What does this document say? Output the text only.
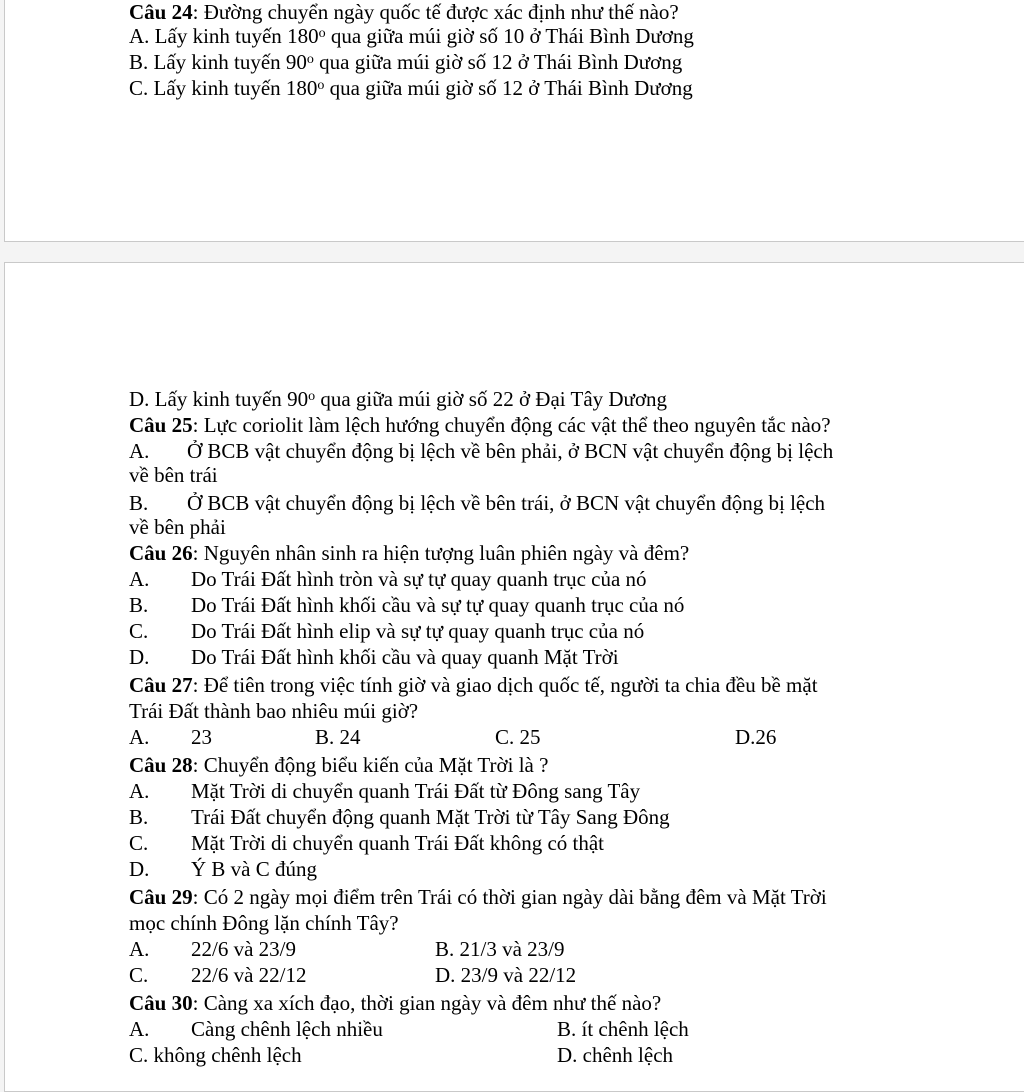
Câu 24: Đường chuyển ngày quốc tế được xác định như thế nào?
A. Lấy kinh tuyến 180$^o$ qua giữa múi giờ số 10 ở Thái Bình Dương
B. Lấy kinh tuyến 90$^o$ qua giữa múi giờ số 12 ở Thái Bình Dương
C. Lấy kinh tuyến 180$^o$ qua giữa múi giờ số 12 ở Thái Bình Dương
D. Lấy kinh tuyến 90$^o$ qua giữa múi giờ số 22 ở Đại Tây Dương
Câu 25: Lực coriolit làm lệch hướng chuyển động các vật thể theo nguyên tắc nào?
A. Ở BCB vật chuyển động bị lệch về bên phải, ở BCN vật chuyển động bị lệch
về bên trái
B. Ở BCB vật chuyển động bị lệch về bên trái, ở BCN vật chuyển động bị lệch
về bên phải
Câu 26: Nguyên nhân sinh ra hiện tượng luân phiên ngày và đêm?
A. Do Trái Đất hình tròn và sự tự quay quanh trục của nó
B. Do Trái Đất hình khối cầu và sự tự quay quanh trục của nó
C. Do Trái Đất hình elip và sự tự quay quanh trục của nó
D. Do Trái Đất hình khối cầu và quay quanh Mặt Trời
Câu 27: Để tiên trong việc tính giờ và giao dịch quốc tế, người ta chia đều bề mặt
Trái Đất thành bao nhiêu múi giờ?
A. 23	B. 24	C. 25	D.26
Câu 28: Chuyển động biểu kiến của Mặt Trời là ?
A. Mặt Trời di chuyển quanh Trái Đất từ Đông sang Tây
B. Trái Đất chuyển động quanh Mặt Trời từ Tây Sang Đông
C. Mặt Trời di chuyển quanh Trái Đất không có thật
D. Ý B và C đúng
Câu 29: Có 2 ngày mọi điểm trên Trái có thời gian ngày dài bằng đêm và Mặt Trời
mọc chính Đông lặn chính Tây?
A. 22/6 và 23/9	B. 21/3 và 23/9
C. 22/6 và 22/12	D. 23/9 và 22/12
Câu 30: Càng xa xích đạo, thời gian ngày và đêm như thế nào?
A. Càng chênh lệch nhiều	B. ít chênh lệch
C. không chênh lệch	D. chênh lệch
